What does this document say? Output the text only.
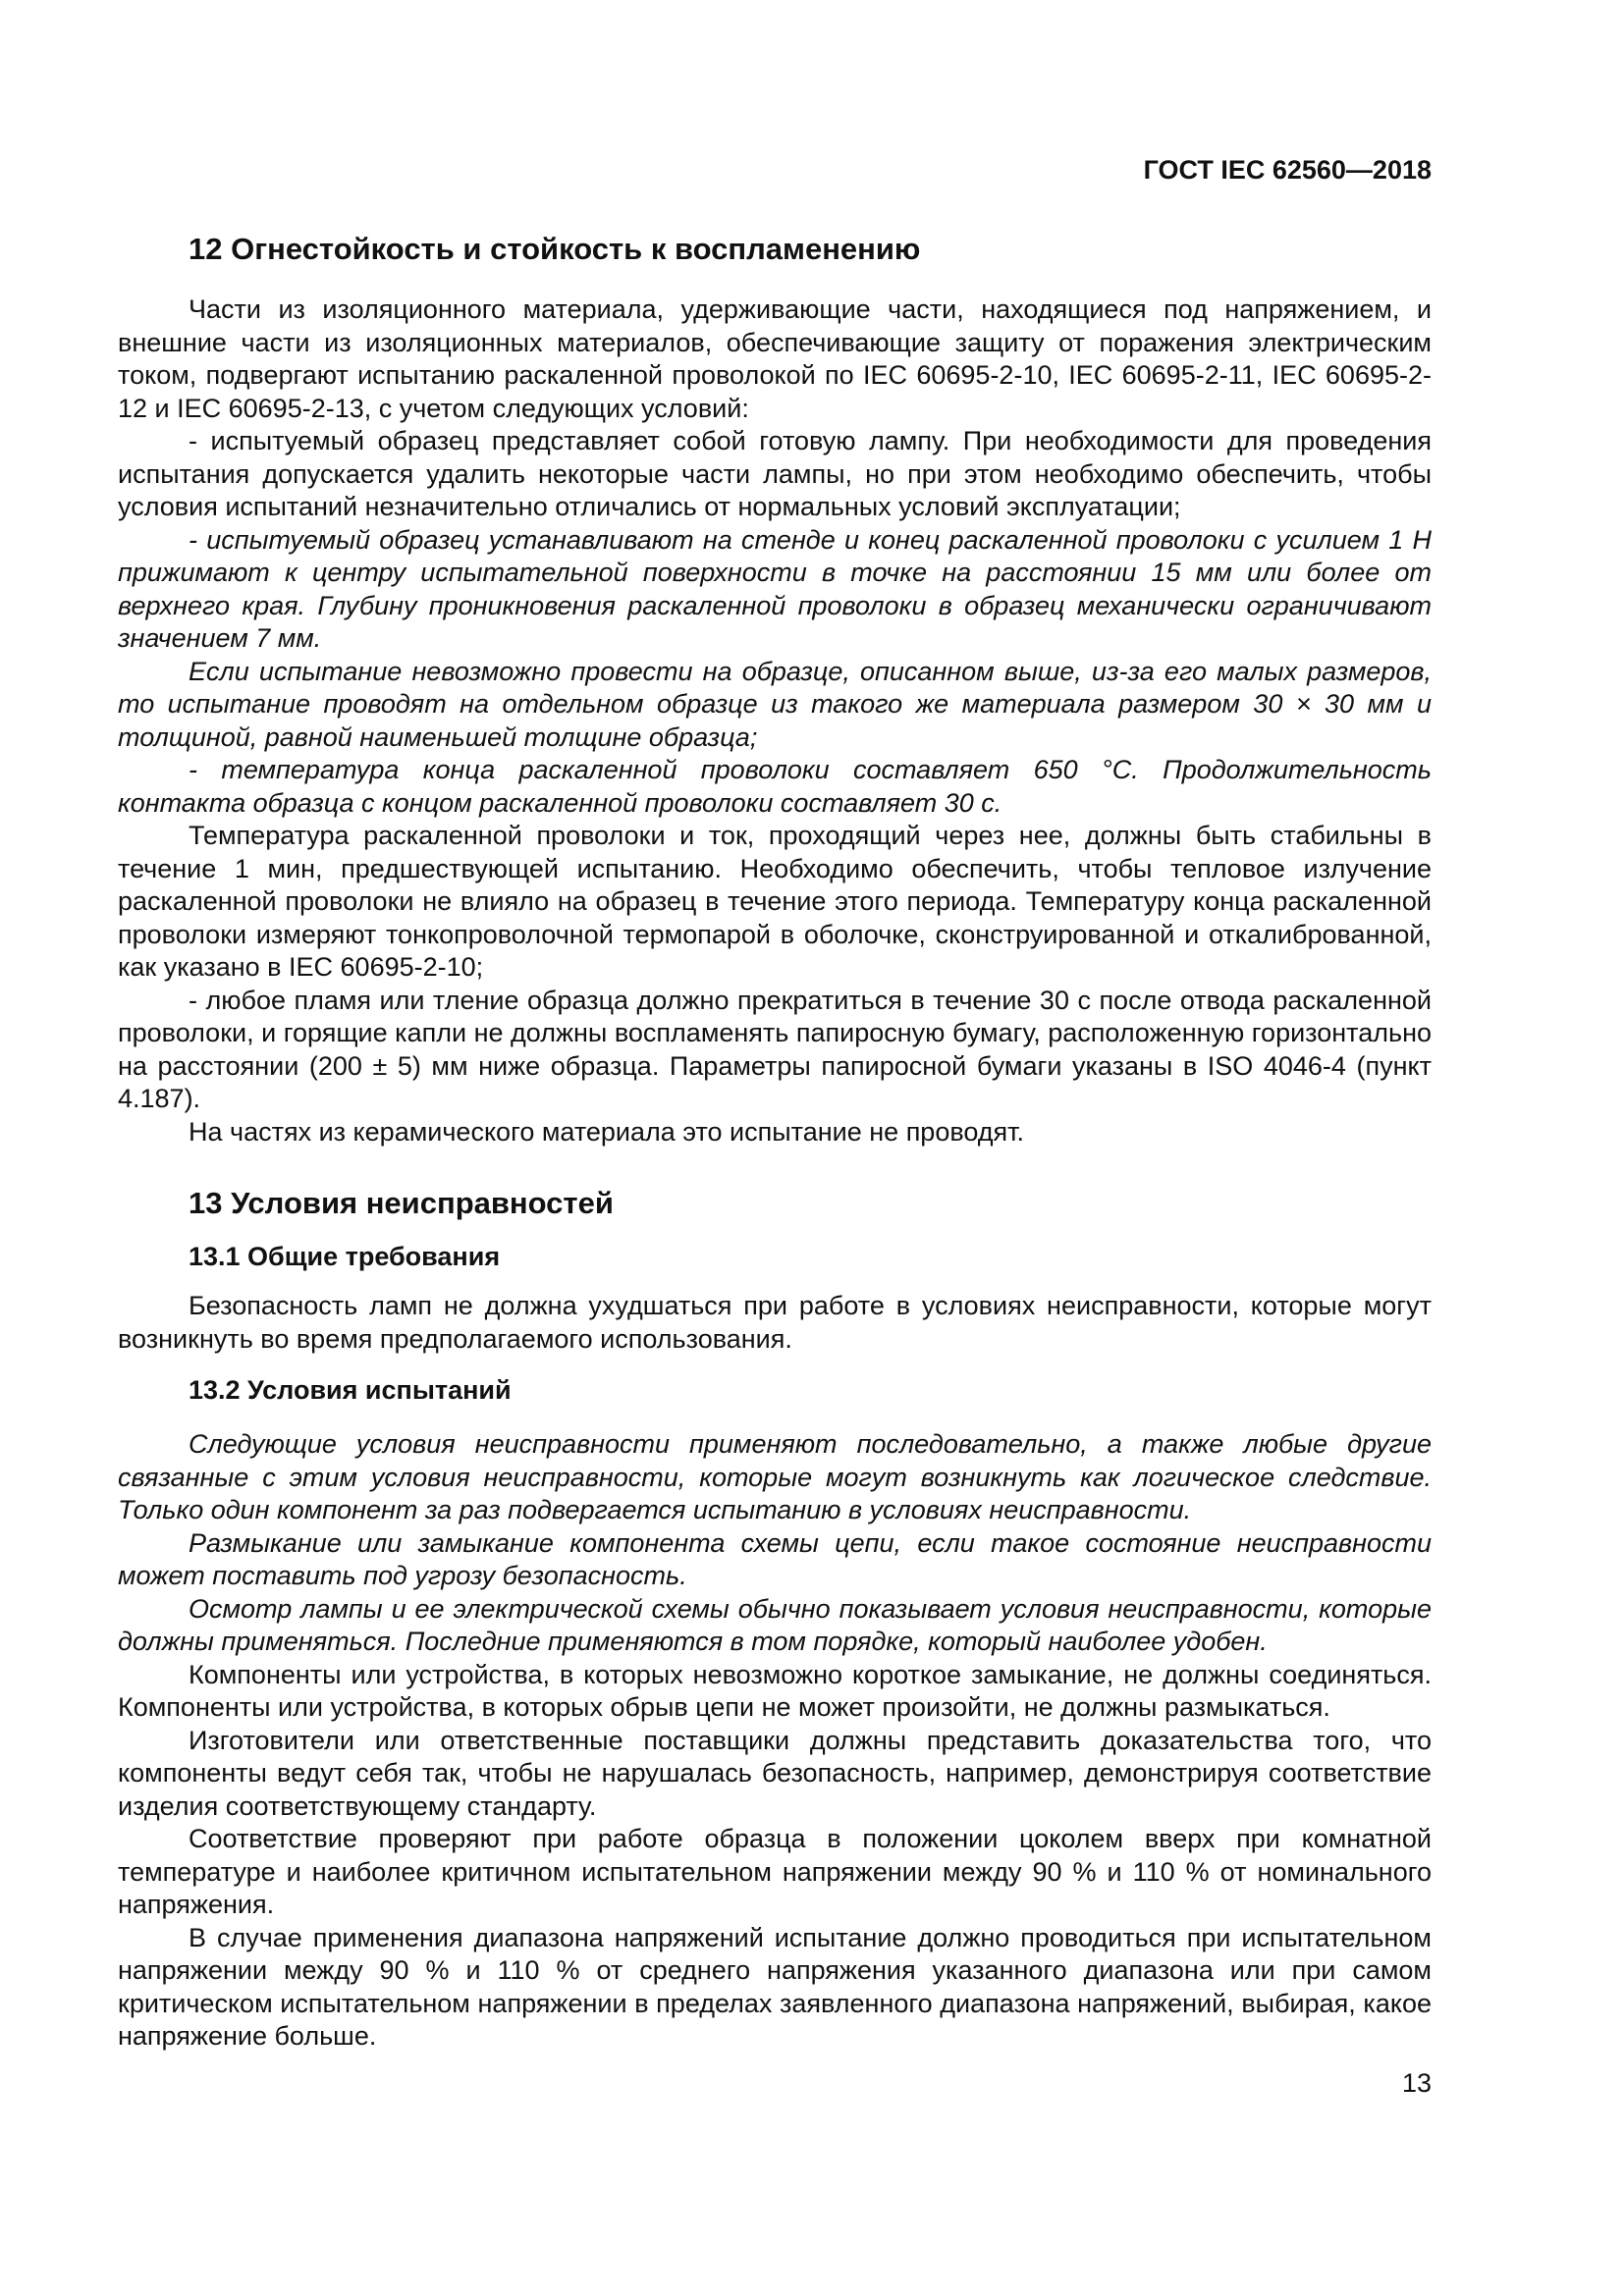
ГОСТ IEC 62560—2018

12 Огнестойкость и стойкость к воспламенению

Части из изоляционного материала, удерживающие части, находящиеся под напряжением, и внешние части из изоляционных материалов, обеспечивающие защиту от поражения электрическим током, подвергают испытанию раскаленной проволокой по IEC 60695-2-10, IEC 60695-2-11, IEC 60695-2-12 и IEC 60695-2-13, с учетом следующих условий:

- испытуемый образец представляет собой готовую лампу. При необходимости для проведения испытания допускается удалить некоторые части лампы, но при этом необходимо обеспечить, чтобы условия испытаний незначительно отличались от нормальных условий эксплуатации;

- испытуемый образец устанавливают на стенде и конец раскаленной проволоки с усилием 1 Н прижимают к центру испытательной поверхности в точке на расстоянии 15 мм или более от верхнего края. Глубину проникновения раскаленной проволоки в образец механически ограничивают значением 7 мм.

Если испытание невозможно провести на образце, описанном выше, из-за его малых размеров, то испытание проводят на отдельном образце из такого же материала размером 30 × 30 мм и толщиной, равной наименьшей толщине образца;

- температура конца раскаленной проволоки составляет 650 °С. Продолжительность контакта образца с концом раскаленной проволоки составляет 30 с.

Температура раскаленной проволоки и ток, проходящий через нее, должны быть стабильны в течение 1 мин, предшествующей испытанию. Необходимо обеспечить, чтобы тепловое излучение раскаленной проволоки не влияло на образец в течение этого периода. Температуру конца раскаленной проволоки измеряют тонкопроволочной термопарой в оболочке, сконструированной и откалиброванной, как указано в IEC 60695-2-10;

- любое пламя или тление образца должно прекратиться в течение 30 с после отвода раскаленной проволоки, и горящие капли не должны воспламенять папиросную бумагу, расположенную горизонтально на расстоянии (200 ± 5) мм ниже образца. Параметры папиросной бумаги указаны в ISO 4046-4 (пункт 4.187).

На частях из керамического материала это испытание не проводят.

13 Условия неисправностей
13.1 Общие требования

Безопасность ламп не должна ухудшаться при работе в условиях неисправности, которые могут возникнуть во время предполагаемого использования.

13.2 Условия испытаний

Следующие условия неисправности применяют последовательно, а также любые другие связанные с этим условия неисправности, которые могут возникнуть как логическое следствие. Только один компонент за раз подвергается испытанию в условиях неисправности.

Размыкание или замыкание компонента схемы цепи, если такое состояние неисправности может поставить под угрозу безопасность.

Осмотр лампы и ее электрической схемы обычно показывает условия неисправности, которые должны применяться. Последние применяются в том порядке, который наиболее удобен.

Компоненты или устройства, в которых невозможно короткое замыкание, не должны соединяться. Компоненты или устройства, в которых обрыв цепи не может произойти, не должны размыкаться.

Изготовители или ответственные поставщики должны представить доказательства того, что компоненты ведут себя так, чтобы не нарушалась безопасность, например, демонстрируя соответствие изделия соответствующему стандарту.

Соответствие проверяют при работе образца в положении цоколем вверх при комнатной температуре и наиболее критичном испытательном напряжении между 90 % и 110 % от номинального напряжения.

В случае применения диапазона напряжений испытание должно проводиться при испытательном напряжении между 90 % и 110 % от среднего напряжения указанного диапазона или при самом критическом испытательном напряжении в пределах заявленного диапазона напряжений, выбирая, какое напряжение больше.

13
